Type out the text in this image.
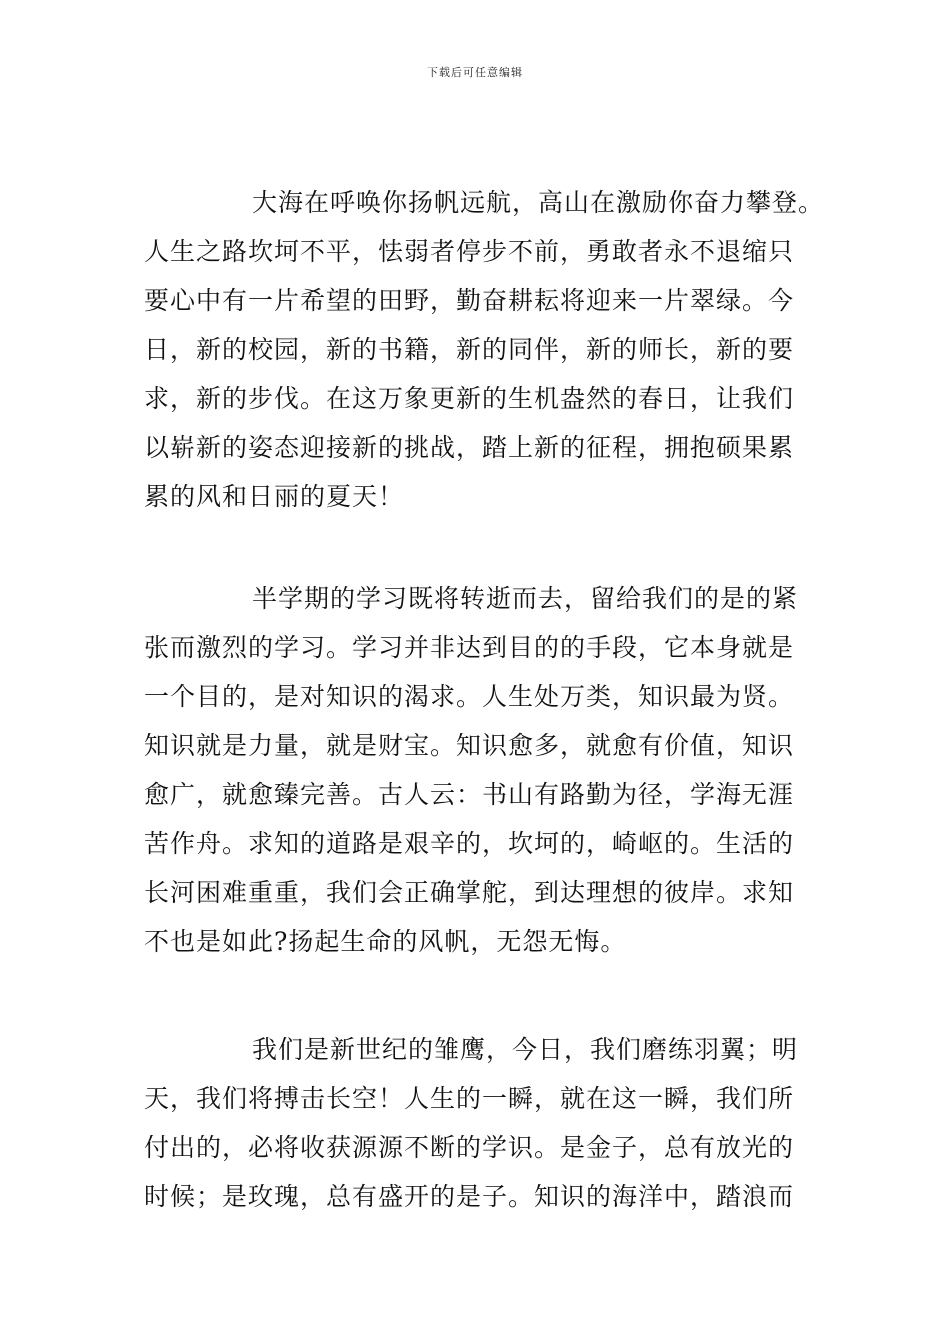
下载后可任意编辑
大海在呼唤你扬帆远航，高山在激励你奋力攀登。
人生之路坎坷不平，怯弱者停步不前，勇敢者永不退缩只
要心中有一片希望的田野，勤奋耕耘将迎来一片翠绿。今
日，新的校园，新的书籍，新的同伴，新的师长，新的要
求，新的步伐。在这万象更新的生机盎然的春日，让我们
以崭新的姿态迎接新的挑战，踏上新的征程，拥抱硕果累
累的风和日丽的夏天！
半学期的学习既将转逝而去，留给我们的是的紧
张而激烈的学习。学习并非达到目的的手段，它本身就是
一个目的，是对知识的渴求。人生处万类，知识最为贤。
知识就是力量，就是财宝。知识愈多，就愈有价值，知识
愈广，就愈臻完善。古人云：书山有路勤为径，学海无涯
苦作舟。求知的道路是艰辛的，坎坷的，崎岖的。生活的
长河困难重重，我们会正确掌舵，到达理想的彼岸。求知
不也是如此?扬起生命的风帆，无怨无悔。
我们是新世纪的雏鹰，今日，我们磨练羽翼；明
天，我们将搏击长空！人生的一瞬，就在这一瞬，我们所
付出的，必将收获源源不断的学识。是金子，总有放光的
时候；是玫瑰，总有盛开的是子。知识的海洋中，踏浪而
